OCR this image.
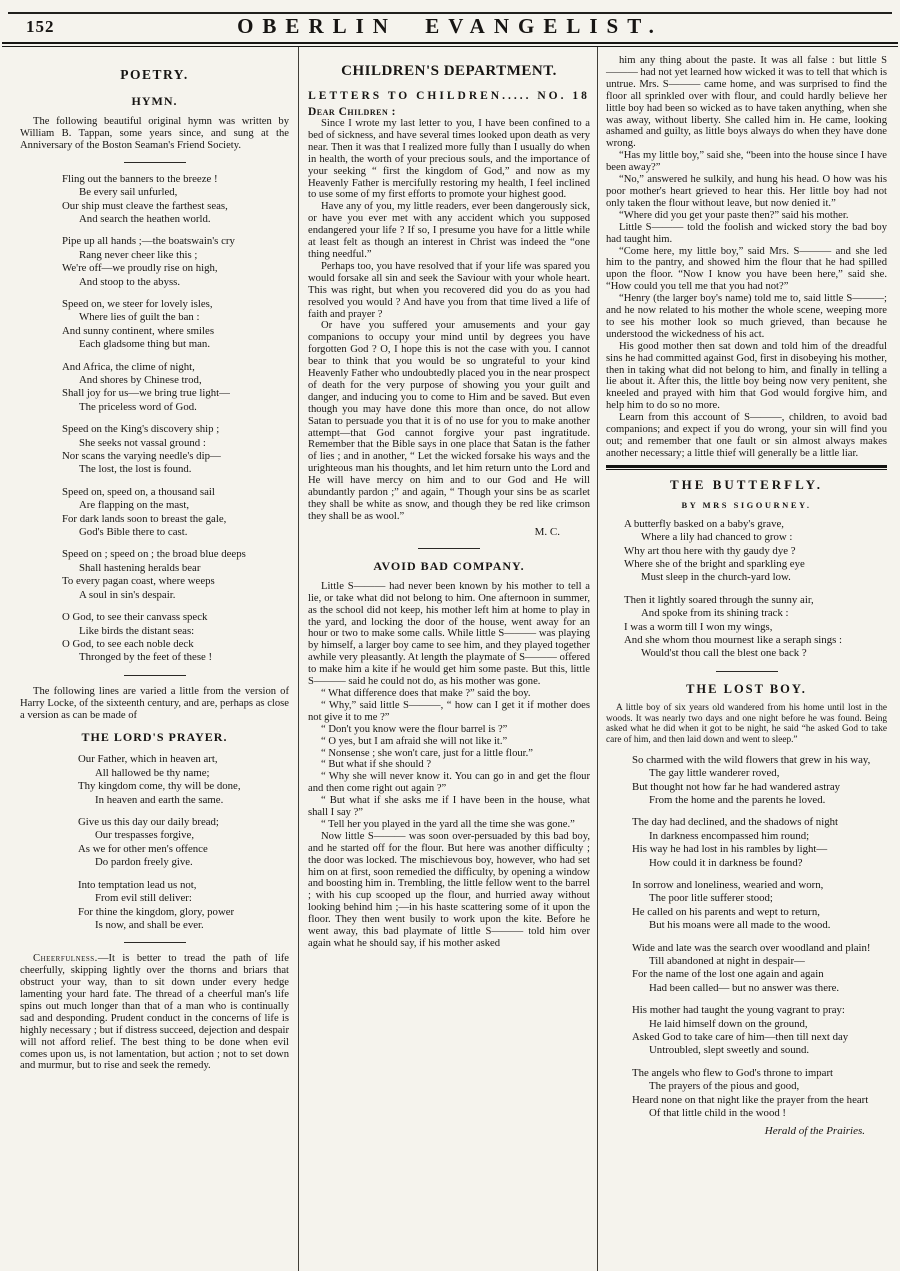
152	OBERLIN EVANGELIST.
POETRY.
HYMN.

The following beautiful original hymn was written by William B. Tappan, some years since, and sung at the Anniversary of the Boston Seaman's Friend Society.

Fling out the banners to the breeze !
Be every sail unfurled,
Our ship must cleave the farthest seas,
And search the heathen world.
Pipe up all hands ;—the boatswain's cry
Rang never cheer like this ;
We're off—we proudly rise on high,
And stoop to the abyss.
Speed on, we steer for lovely isles,
Where lies of guilt the ban :
And sunny continent, where smiles
Each gladsome thing but man.
And Africa, the clime of night,
And shores by Chinese trod,
Shall joy for us—we bring true light—
The priceless word of God.
Speed on the King's discovery ship ;
She seeks not vassal ground :
Nor scans the varying needle's dip—
The lost, the lost is found.
Speed on, speed on, a thousand sail
Are flapping on the mast,
For dark lands soon to breast the gale,
God's Bible there to cast.
Speed on ; speed on ; the broad blue deeps
Shall hastening heralds bear
To every pagan coast, where weeps
A soul in sin's despair.
O God, to see their canvass speck
Like birds the distant seas:
O God, to see each noble deck
Thronged by the feet of these !

The following lines are varied a little from the version of Harry Locke, of the sixteenth century, and are, perhaps as close a version as can be made of

THE LORD'S PRAYER.
Our Father, which in heaven art,
All hallowed be thy name;
Thy kingdom come, thy will be done,
In heaven and earth the same.
Give us this day our daily bread;
Our trespasses forgive,
As we for other men's offence
Do pardon freely give.
Into temptation lead us not,
From evil still deliver:
For thine the kingdom, glory, power
Is now, and shall be ever.

Cheerfulness.—It is better to tread the path of life cheerfully, skipping lightly over the thorns and briars that obstruct your way, than to sit down under every hedge lamenting your hard fate. The thread of a cheerful man's life spins out much longer than that of a man who is continually sad and desponding. Prudent conduct in the concerns of life is highly necessary ; but if distress succeed, dejection and despair will not afford relief. The best thing to be done when evil comes upon us, is not lamentation, but action ; not to set down and murmur, but to rise and seek the remedy.

CHILDREN'S DEPARTMENT.
LETTERS TO CHILDREN..... NO. 18
Dear Children :

Since I wrote my last letter to you, I have been confined to a bed of sickness, and have several times looked upon death as very near. Then it was that I realized more fully than I usually do when in health, the worth of your precious souls, and the importance of your seeking “ first the kingdom of God,” and now as my Heavenly Father is mercifully restoring my health, I feel inclined to use some of my first efforts to promote your highest good.

Have any of you, my little readers, ever been dangerously sick, or have you ever met with any accident which you supposed endangered your life ? If so, I presume you have for a little while at least felt as though an interest in Christ was indeed the “one thing needful.”

Perhaps too, you have resolved that if your life was spared you would forsake all sin and seek the Saviour with your whole heart. This was right, but when you recovered did you do as you had resolved you would ? And have you from that time lived a life of faith and prayer ?

Or have you suffered your amusements and your gay companions to occupy your mind until by degrees you have forgotten God ? O, I hope this is not the case with you. I cannot bear to think that you would be so ungrateful to your kind Heavenly Father who undoubtedly placed you in the near prospect of death for the very purpose of showing you your guilt and danger, and inducing you to come to Him and be saved. But even though you may have done this more than once, do not allow Satan to persuade you that it is of no use for you to make another attempt—that God cannot forgive your past ingratitude. Remember that the Bible says in one place that Satan is the father of lies ; and in another, “ Let the wicked forsake his ways and the urighteous man his thoughts, and let him return unto the Lord and He will have mercy on him and to our God and He will abundantly pardon ;” and again, “ Though your sins be as scarlet they shall be white as snow, and though they be red like crimson they shall be as wool.”

M. C.
AVOID BAD COMPANY.

Little S——— had never been known by his mother to tell a lie, or take what did not belong to him. One afternoon in summer, as the school did not keep, his mother left him at home to play in the yard, and locking the door of the house, went away for an hour or two to make some calls. While little S——— was playing by himself, a larger boy came to see him, and they played together awhile very pleasantly. At length the playmate of S——— offered to make him a kite if he would get him some paste. But this, little S——— said he could not do, as his mother was gone.

“ What difference does that make ?” said the boy.

“ Why,” said little S———, “ how can I get it if mother does not give it to me ?”

“ Don't you know were the flour barrel is ?”

“ O yes, but I am afraid she will not like it.”

“ Nonsense ; she won't care, just for a little flour.”

“ But what if she should ?

“ Why she will never know it. You can go in and get the flour and then come right out again ?”

“ But what if she asks me if I have been in the house, what shall I say ?”

“ Tell her you played in the yard all the time she was gone.”

Now little S——— was soon over-persuaded by this bad boy, and he started off for the flour. But here was another difficulty ; the door was locked. The mischievous boy, however, who had set him on at first, soon remedied the difficulty, by opening a window and boosting him in. Trembling, the little fellow went to the barrel ; with his cup scooped up the flour, and hurried away without looking behind him ;—in his haste scattering some of it upon the floor. They then went busily to work upon the kite. Before he went away, this bad playmate of little S——— told him over again what he should say, if his mother asked

him any thing about the paste. It was all false : but little S——— had not yet learned how wicked it was to tell that which is untrue. Mrs. S——— came home, and was surprised to find the floor all sprinkled over with flour, and could hardly believe her little boy had been so wicked as to have taken anything, when she was away, without liberty. She called him in. He came, looking ashamed and guilty, as little boys always do when they have done wrong.

“Has my little boy,” said she, “been into the house since I have been away?”

“No,” answered he sulkily, and hung his head. O how was his poor mother's heart grieved to hear this. Her little boy had not only taken the flour without leave, but now denied it.”

“Where did you get your paste then?” said his mother.

Little S——— told the foolish and wicked story the bad boy had taught him.

“Come here, my little boy,” said Mrs. S——— and she led him to the pantry, and showed him the flour that he had spilled upon the floor. “Now I know you have been here,” said she. “How could you tell me that you had not?”

“Henry (the larger boy's name) told me to, said little S———; and he now related to his mother the whole scene, weeping more to see his mother look so much grieved, than because he understood the wickedness of his act.

His good mother then sat down and told him of the dreadful sins he had committed against God, first in disobeying his mother, then in taking what did not belong to him, and finally in telling a lie about it. After this, the little boy being now very penitent, she kneeled and prayed with him that God would forgive him, and help him to do so no more.

Learn from this account of S———, children, to avoid bad companions; and expect if you do wrong, your sin will find you out; and remember that one fault or sin almost always makes another necessary; a little thief will generally be a little liar.

THE BUTTERFLY.
BY MRS SIGOURNEY.
A butterfly basked on a baby's grave,
Where a lily had chanced to grow :
Why art thou here with thy gaudy dye ?
Where she of the bright and sparkling eye
Must sleep in the church-yard low.
Then it lightly soared through the sunny air,
And spoke from its shining track :
I was a worm till I won my wings,
And she whom thou mournest like a seraph sings :
Would'st thou call the blest one back ?
THE LOST BOY.

A little boy of six years old wandered from his home until lost in the woods. It was nearly two days and one night before he was found. Being asked what he did when it got to be night, he said “he asked God to take care of him, and then laid down and went to sleep.”

So charmed with the wild flowers that grew in his way,
The gay little wanderer roved,
But thought not how far he had wandered astray
From the home and the parents he loved.
The day had declined, and the shadows of night
In darkness encompassed him round;
His way he had lost in his rambles by light—
How could it in darkness be found?
In sorrow and loneliness, wearied and worn,
The poor litle sufferer stood;
He called on his parents and wept to return,
But his moans were all made to the wood.
Wide and late was the search over woodland and plain!
Till abandoned at night in despair—
For the name of the lost one again and again
Had been called— but no answer was there.
His mother had taught the young vagrant to pray:
He laid himself down on the ground,
Asked God to take care of him—then till next day
Untroubled, slept sweetly and sound.
The angels who flew to God's throne to impart
The prayers of the pious and good,
Heard none on that night like the prayer from the heart
Of that little child in the wood !
Herald of the Prairies.
